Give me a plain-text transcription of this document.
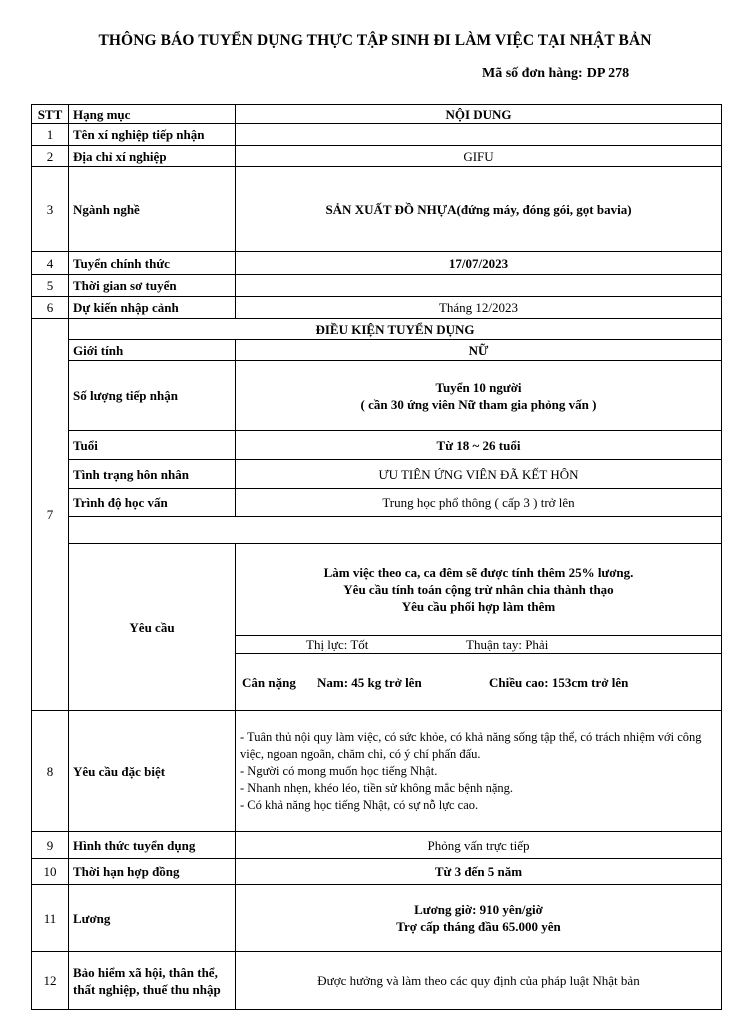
THÔNG BÁO TUYỂN DỤNG THỰC TẬP SINH ĐI LÀM VIỆC TẠI NHẬT BẢN
Mã số đơn hàng: DP 278
STT	Hạng mục	NỘI DUNG
1	Tên xí nghiệp tiếp nhận	
2	Địa chỉ xí nghiệp	GIFU
3	Ngành nghề	SẢN XUẤT ĐỒ NHỰA(đứng máy, đóng gói, gọt bavia)
4	Tuyển chính thức	17/07/2023
5	Thời gian sơ tuyển	
6	Dự kiến nhập cảnh	Tháng 12/2023
7	ĐIỀU KIỆN TUYỂN DỤNG	
	Giới tính	NỮ
	Số lượng tiếp nhận	Tuyển 10 người
( cần 30 ứng viên Nữ tham gia phỏng vấn )

	Tuổi	Từ 18 ~ 26 tuổi
	Tình trạng hôn nhân	ƯU TIÊN ỨNG VIÊN ĐÃ KẾT HÔN
	Trình độ học vấn	Trung học phổ thông ( cấp 3 ) trở lên

	Yêu cầu	Làm việc theo ca, ca đêm sẽ được tính thêm 25% lương.
Yêu cầu tính toán cộng trừ nhân chia thành thạo
Yêu cầu phối hợp làm thêm

		Thị lực: Tốt Thuận tay: Phải
		Cân nặng Nam: 45 kg trở lên Chiều cao: 153cm trở lên
8	Yêu cầu đặc biệt	- Tuân thủ nội quy làm việc, có sức khỏe, có khả năng sống tập thể, có trách nhiệm với công việc, ngoan ngoãn, chăm chỉ, có ý chí phấn đấu.
- Người có mong muốn học tiếng Nhật.
- Nhanh nhẹn, khéo léo, tiền sử không mắc bệnh nặng.
- Có khả năng học tiếng Nhật, có sự nỗ lực cao.

9	Hình thức tuyển dụng	Phỏng vấn trực tiếp
10	Thời hạn hợp đồng	Từ 3 đến 5 năm
11	Lương	Lương giờ: 910 yên/giờ
Trợ cấp tháng đầu 65.000 yên

12	Bảo hiểm xã hội, thân thể, thất nghiệp, thuế thu nhập	Được hưởng và làm theo các quy định của pháp luật Nhật bản
